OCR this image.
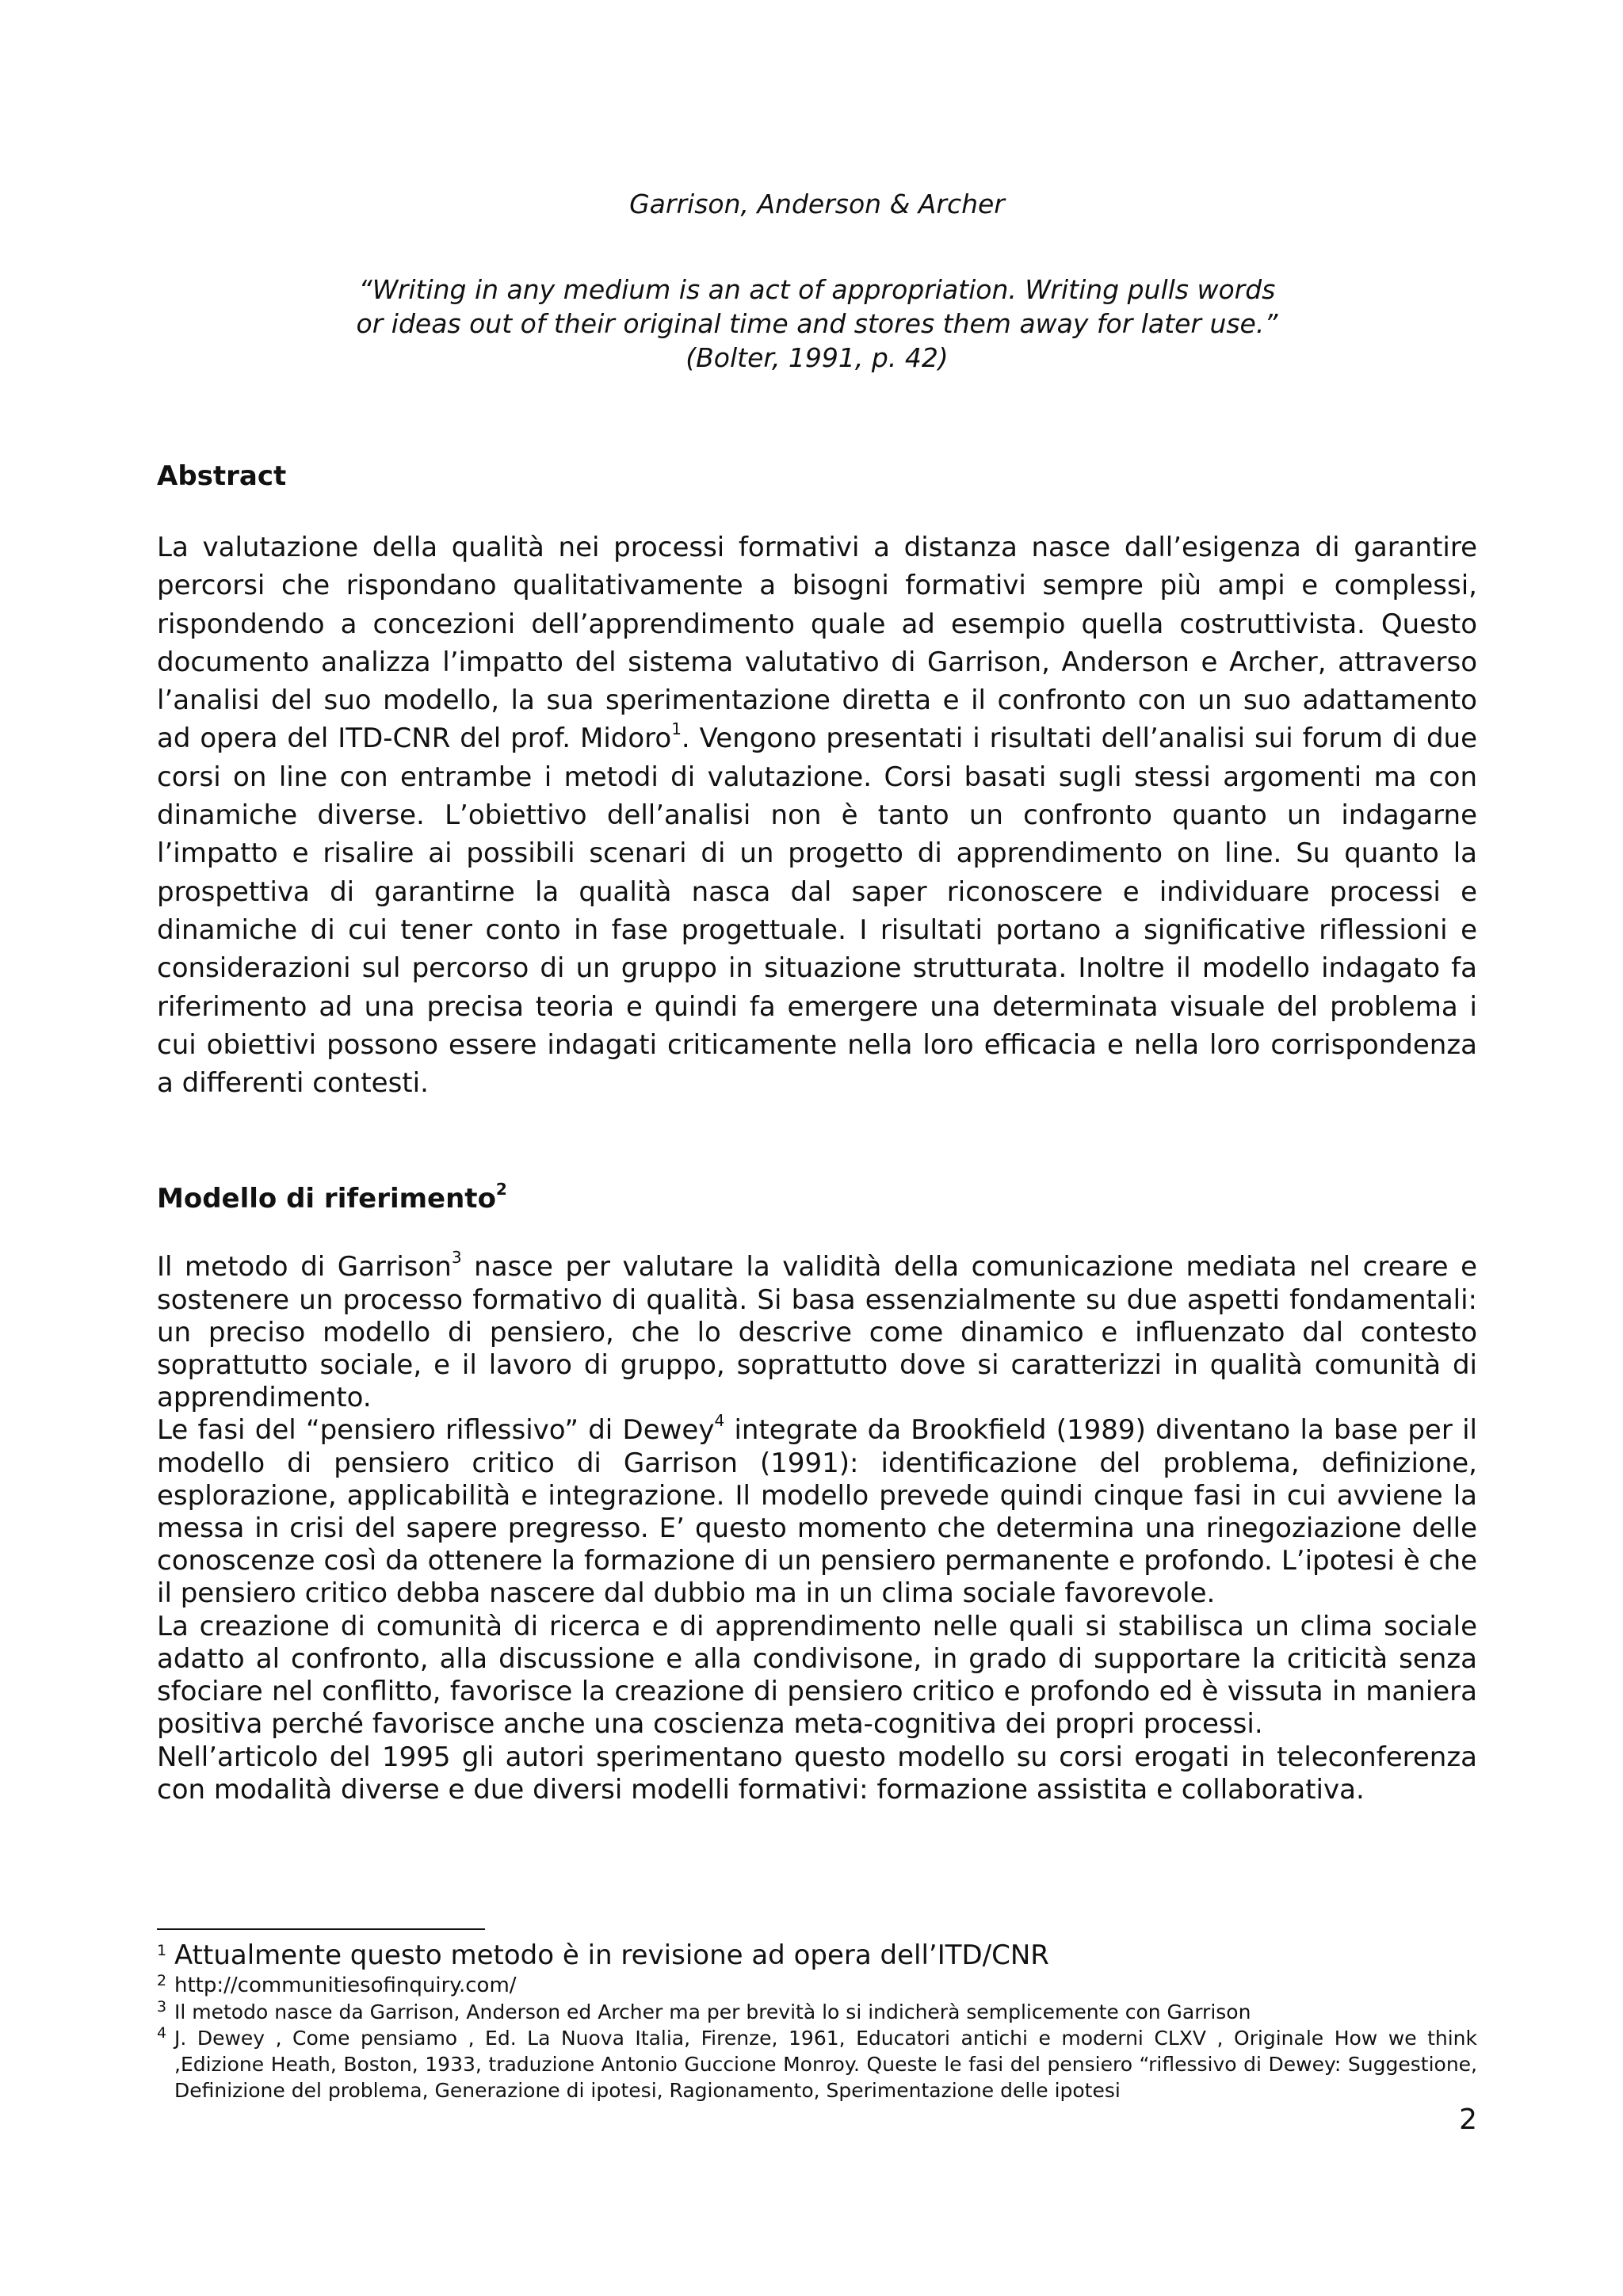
Garrison, Anderson & Archer
“Writing in any medium is an act of appropriation. Writing pulls words
or ideas out of their original time and stores them away for later use.”
(Bolter, 1991, p. 42)
Abstract

La valutazione della qualità nei processi formativi a distanza nasce dall’esigenza di garantire percorsi che rispondano qualitativamente a bisogni formativi sempre più ampi e complessi, rispondendo a concezioni dell’apprendimento quale ad esempio quella costruttivista. Questo documento analizza l’impatto del sistema valutativo di Garrison, Anderson e Archer, attraverso l’analisi del suo modello, la sua sperimentazione diretta e il confronto con un suo adattamento ad opera del ITD-CNR del prof. Midoro$^1$. Vengono presentati i risultati dell’analisi sui forum di due corsi on line con entrambe i metodi di valutazione. Corsi basati sugli stessi argomenti ma con dinamiche diverse. L’obiettivo dell’analisi non è tanto un confronto quanto un indagarne l’impatto e risalire ai possibili scenari di un progetto di apprendimento on line. Su quanto la prospettiva di garantirne la qualità nasca dal saper riconoscere e individuare processi e dinamiche di cui tener conto in fase progettuale. I risultati portano a significative riflessioni e considerazioni sul percorso di un gruppo in situazione strutturata. Inoltre il modello indagato fa riferimento ad una precisa teoria e quindi fa emergere una determinata visuale del problema i cui obiettivi possono essere indagati criticamente nella loro efficacia e nella loro corrispondenza a differenti contesti.

Modello di riferimento$^2$

Il metodo di Garrison$^3$ nasce per valutare la validità della comunicazione mediata nel creare e sostenere un processo formativo di qualità. Si basa essenzialmente su due aspetti fondamentali: un preciso modello di pensiero, che lo descrive come dinamico e influenzato dal contesto soprattutto sociale, e il lavoro di gruppo, soprattutto dove si caratterizzi in qualità comunità di apprendimento.

Le fasi del “pensiero riflessivo” di Dewey$^4$ integrate da Brookfield (1989) diventano la base per il modello di pensiero critico di Garrison (1991): identificazione del problema, definizione, esplorazione, applicabilità e integrazione. Il modello prevede quindi cinque fasi in cui avviene la messa in crisi del sapere pregresso. E’ questo momento che determina una rinegoziazione delle conoscenze così da ottenere la formazione di un pensiero permanente e profondo. L’ipotesi è che il pensiero critico debba nascere dal dubbio ma in un clima sociale favorevole.

La creazione di comunità di ricerca e di apprendimento nelle quali si stabilisca un clima sociale adatto al confronto, alla discussione e alla condivisone, in grado di supportare la criticità senza sfociare nel conflitto, favorisce la creazione di pensiero critico e profondo ed è vissuta in maniera positiva perché favorisce anche una coscienza meta-cognitiva dei propri processi.

Nell’articolo del 1995 gli autori sperimentano questo modello su corsi erogati in teleconferenza con modalità diverse e due diversi modelli formativi: formazione assistita e collaborativa.

1 Attualmente questo metodo è in revisione ad opera dell’ITD/CNR
2 http://communitiesofinquiry.com/
3 Il metodo nasce da Garrison, Anderson ed Archer ma per brevità lo si indicherà semplicemente con Garrison
4 J. Dewey , Come pensiamo , Ed. La Nuova Italia, Firenze, 1961, Educatori antichi e moderni CLXV , Originale How we think ,Edizione Heath, Boston, 1933, traduzione Antonio Guccione Monroy. Queste le fasi del pensiero “riflessivo di Dewey: Suggestione, Definizione del problema, Generazione di ipotesi, Ragionamento, Sperimentazione delle ipotesi
2
